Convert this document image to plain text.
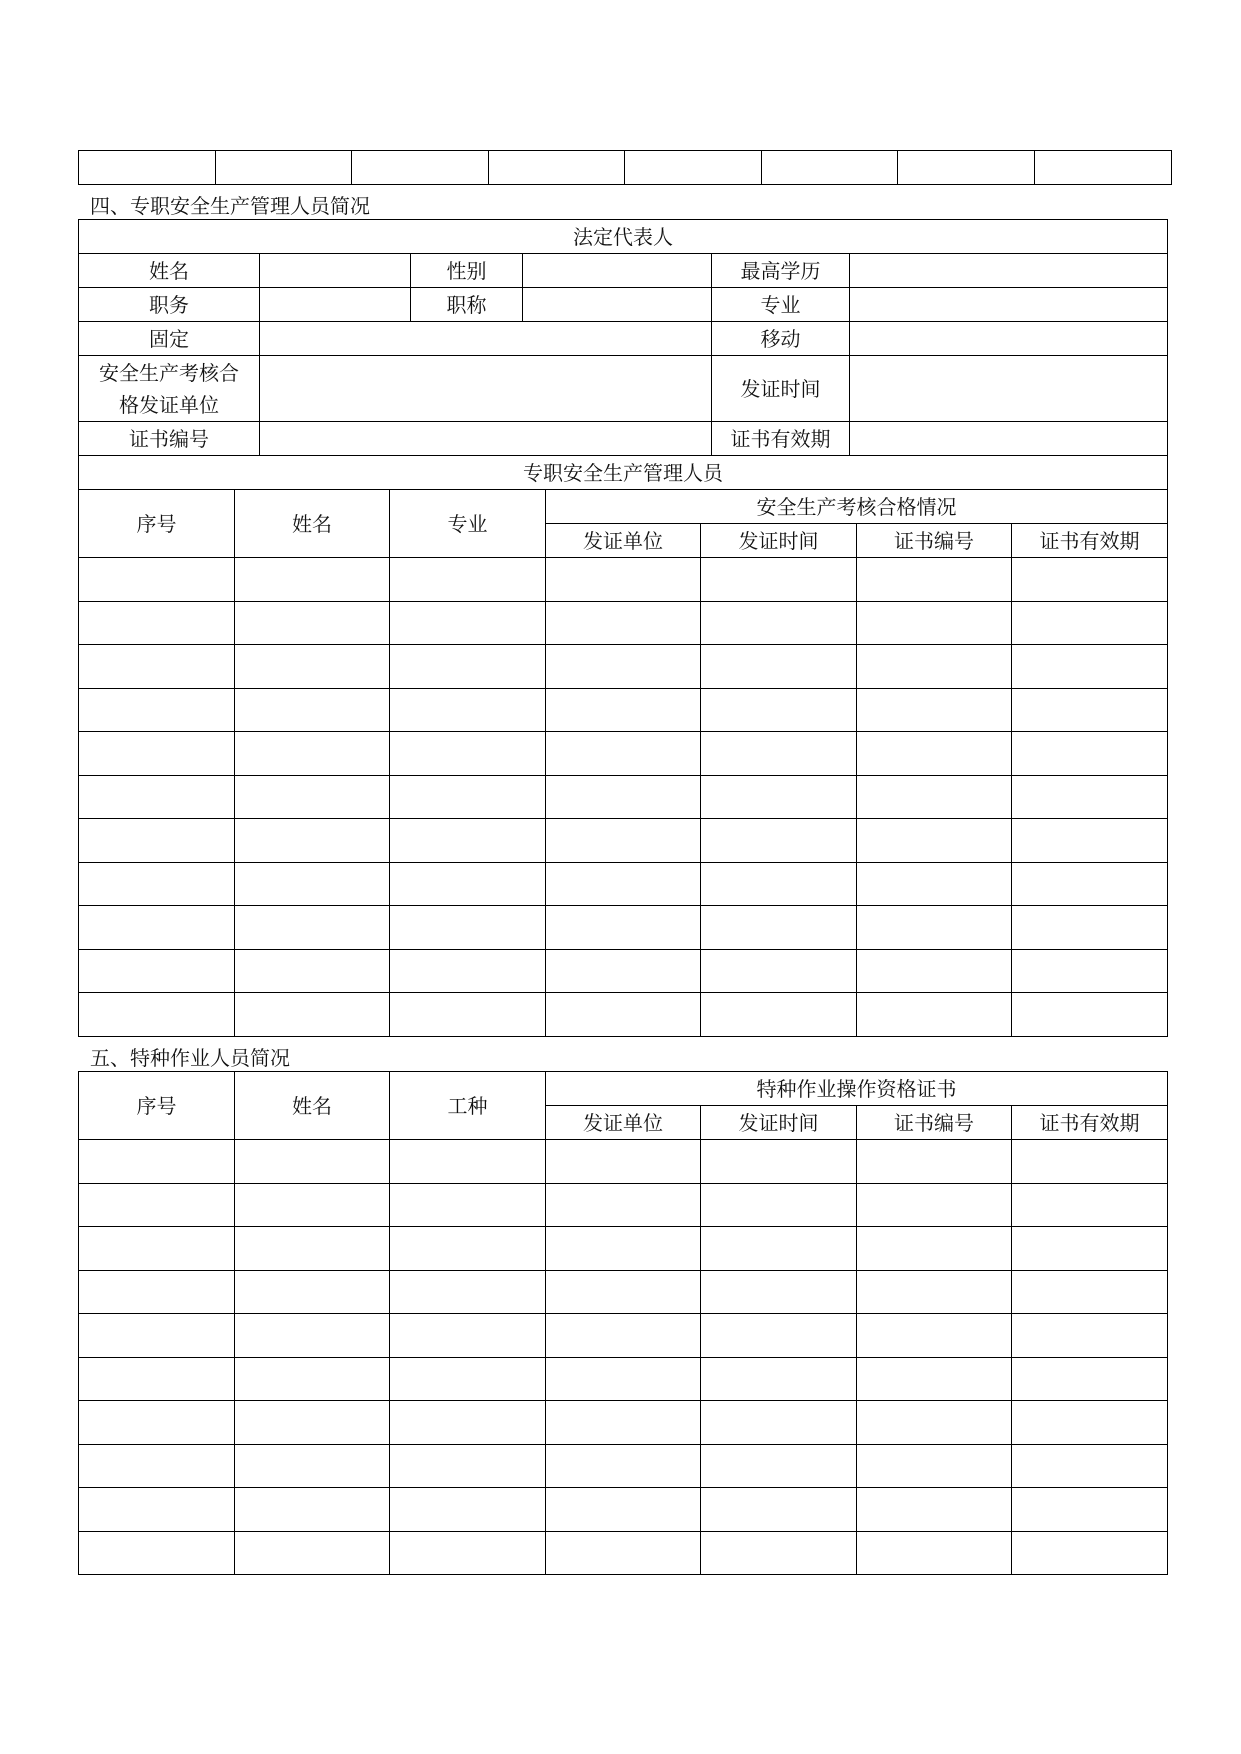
四、专职安全生产管理人员简况
法定代表人					
姓名		性别		最高学历	
职务		职称		专业	
固定				移动	
安全生产考核合格发证单位				发证时间	
证书编号				证书有效期	
专职安全生产管理人员					
序号	姓名	专业	安全生产考核合格情况			
			发证单位	发证时间	证书编号	证书有效期

五、特种作业人员简况
序号	姓名	工种	特种作业操作资格证书			
			发证单位	发证时间	证书编号	证书有效期
